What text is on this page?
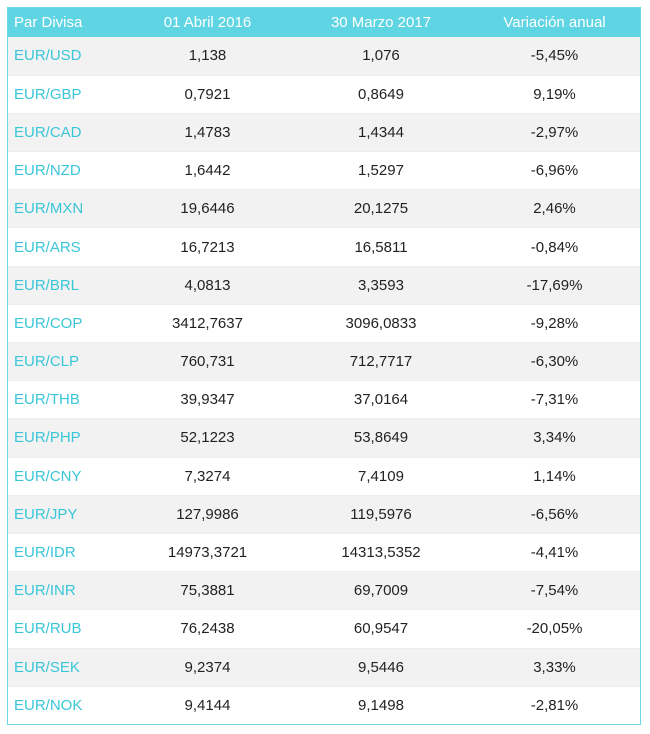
Par Divisa	01 Abril 2016	30 Marzo 2017	Variación anual
EUR/USD	1,138	1,076	-5,45%
EUR/GBP	0,7921	0,8649	9,19%
EUR/CAD	1,4783	1,4344	-2,97%
EUR/NZD	1,6442	1,5297	-6,96%
EUR/MXN	19,6446	20,1275	2,46%
EUR/ARS	16,7213	16,5811	-0,84%
EUR/BRL	4,0813	3,3593	-17,69%
EUR/COP	3412,7637	3096,0833	-9,28%
EUR/CLP	760,731	712,7717	-6,30%
EUR/THB	39,9347	37,0164	-7,31%
EUR/PHP	52,1223	53,8649	3,34%
EUR/CNY	7,3274	7,4109	1,14%
EUR/JPY	127,9986	119,5976	-6,56%
EUR/IDR	14973,3721	14313,5352	-4,41%
EUR/INR	75,3881	69,7009	-7,54%
EUR/RUB	76,2438	60,9547	-20,05%
EUR/SEK	9,2374	9,5446	3,33%
EUR/NOK	9,4144	9,1498	-2,81%
